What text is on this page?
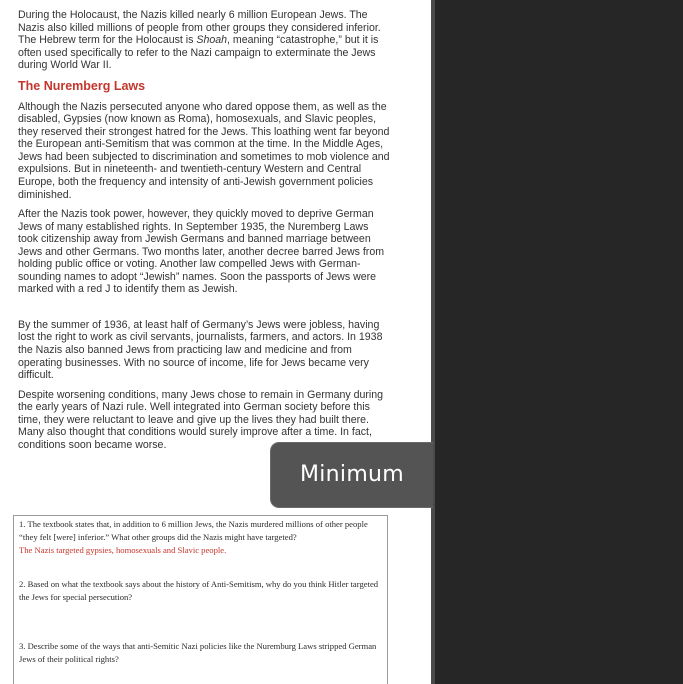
During the Holocaust, the Nazis killed nearly 6 million European Jews. The Nazis also killed millions of people from other groups they considered inferior. The Hebrew term for the Holocaust is Shoah, meaning “catastrophe,” but it is often used specifically to refer to the Nazi campaign to exterminate the Jews during World War II.

The Nuremberg Laws

Although the Nazis persecuted anyone who dared oppose them, as well as the disabled, Gypsies (now known as Roma), homosexuals, and Slavic peoples, they reserved their strongest hatred for the Jews. This loathing went far beyond the European anti-Semitism that was common at the time. In the Middle Ages, Jews had been subjected to discrimination and sometimes to mob violence and expulsions. But in nineteenth- and twentieth-century Western and Central Europe, both the frequency and intensity of anti-Jewish government policies diminished.

After the Nazis took power, however, they quickly moved to deprive German Jews of many established rights. In September 1935, the Nuremberg Laws took citizenship away from Jewish Germans and banned marriage between Jews and other Germans. Two months later, another decree barred Jews from holding public office or voting. Another law compelled Jews with German-sounding names to adopt “Jewish” names. Soon the passports of Jews were marked with a red J to identify them as Jewish.

By the summer of 1936, at least half of Germany’s Jews were jobless, having lost the right to work as civil servants, journalists, farmers, and actors. In 1938 the Nazis also banned Jews from practicing law and medicine and from operating businesses. With no source of income, life for Jews became very difficult.

Despite worsening conditions, many Jews chose to remain in Germany during the early years of Nazi rule. Well integrated into German society before this time, they were reluctant to leave and give up the lives they had built there. Many also thought that conditions would surely improve after a time. In fact, conditions soon became worse.

1. The textbook states that, in addition to 6 million Jews, the Nazis murdered millions of other people “they felt [were] inferior.” What other groups did the Nazis might have targeted?
The Nazis targeted gypsies, homosexuals and Slavic people.
2. Based on what the textbook says about the history of Anti-Semitism, why do you think Hitler targeted the Jews for special persecution?
3. Describe some of the ways that anti-Semitic Nazi policies like the Nuremburg Laws stripped German Jews of their political rights?
Minimum
